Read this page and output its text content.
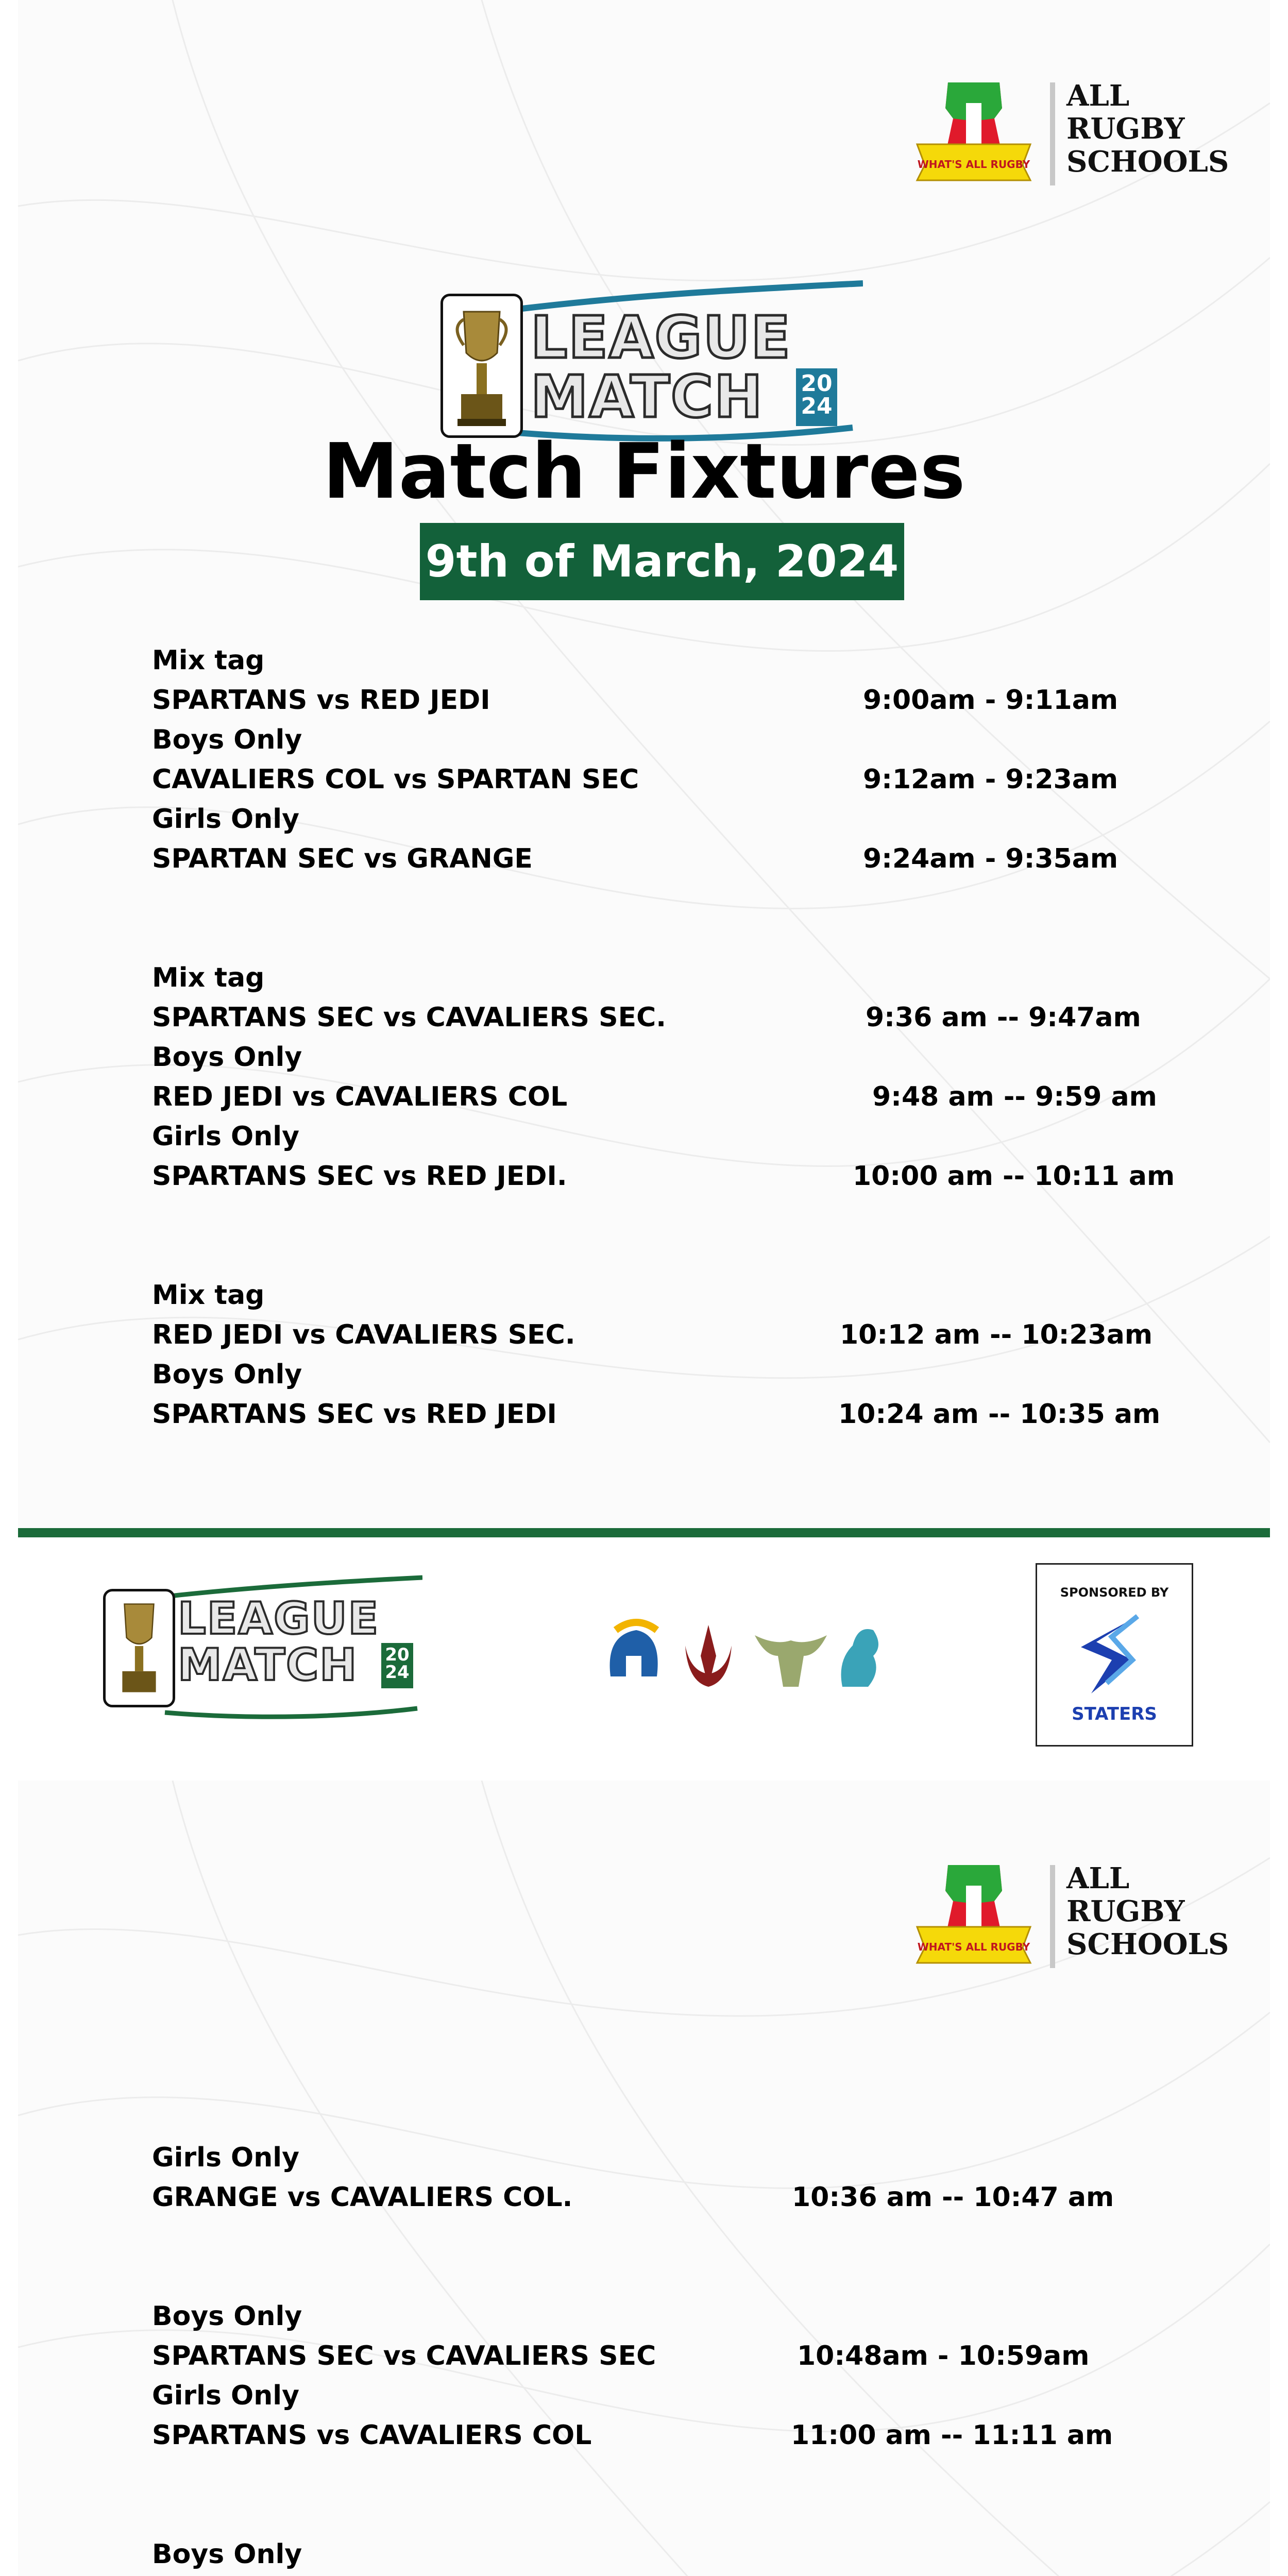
WHAT'S ALL RUGBY
ALL
RUGBY
SCHOOLS
LEAGUE
MATCH 20
24
Match Fixtures
9th of March, 2024
Mix tag
SPARTANS vs RED JEDI	9:00am - 9:11am
Boys Only
CAVALIERS COL vs SPARTAN SEC	9:12am - 9:23am
Girls Only
SPARTAN SEC vs GRANGE	9:24am - 9:35am
Mix tag
SPARTANS SEC vs CAVALIERS SEC.	9:36 am -- 9:47am
Boys Only
RED JEDI vs CAVALIERS COL	9:48 am -- 9:59 am
Girls Only
SPARTANS SEC vs RED JEDI.	10:00 am -- 10:11 am
Mix tag
RED JEDI vs CAVALIERS SEC.	10:12 am -- 10:23am
Boys Only
SPARTANS SEC vs RED JEDI	10:24 am -- 10:35 am
LEAGUE
MATCH 20
24
SPONSORED BY
STATERS
WHAT'S ALL RUGBY
ALL
RUGBY
SCHOOLS
Girls Only
GRANGE vs CAVALIERS COL.	10:36 am -- 10:47 am
Boys Only
SPARTANS SEC vs CAVALIERS SEC	10:48am - 10:59am
Girls Only
SPARTANS vs CAVALIERS COL	11:00 am -- 11:11 am
Boys Only
